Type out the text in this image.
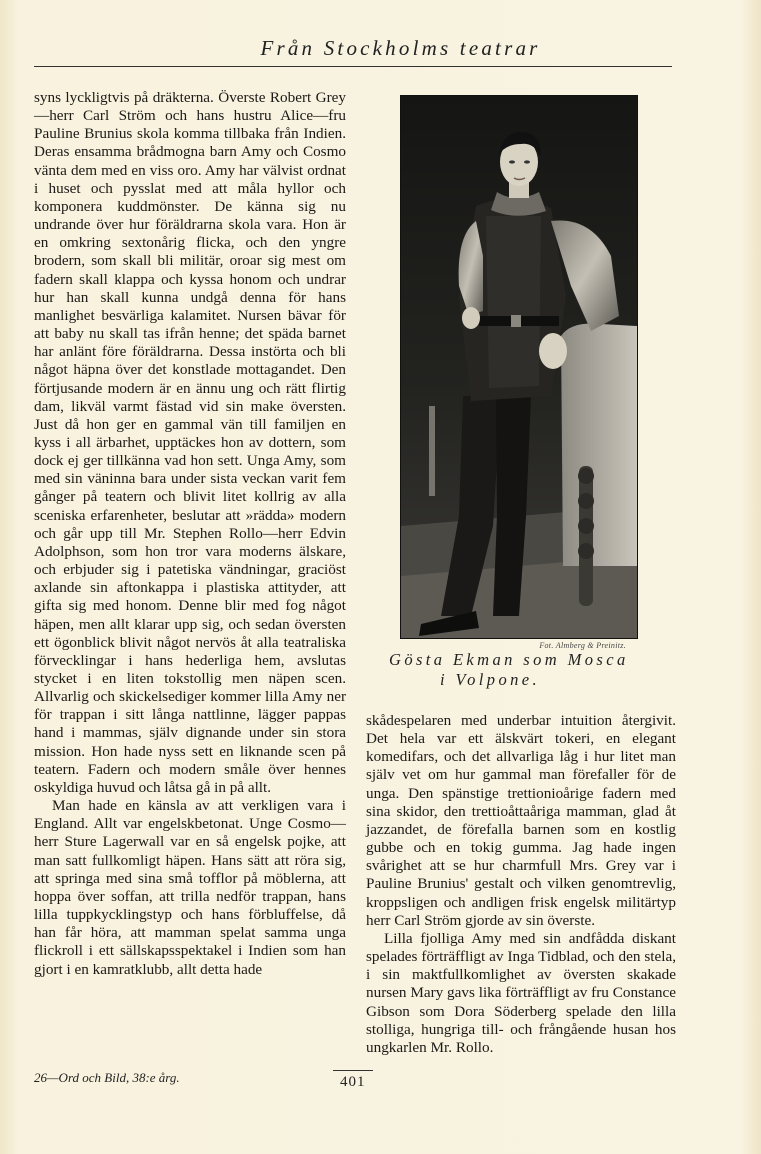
Från Stockholms teatrar

syns lyckligtvis på dräkterna. Överste Robert Grey—herr Carl Ström och hans hustru Alice—fru Pauline Brunius skola komma tillbaka från Indien. Deras ensamma brådmogna barn Amy och Cosmo vänta dem med en viss oro. Amy har välvist ordnat i huset och pysslat med att måla hyllor och komponera kuddmönster. De känna sig nu undrande över hur föräldrarna skola vara. Hon är en omkring sextonårig flicka, och den yngre brodern, som skall bli militär, oroar sig mest om fadern skall klappa och kyssa honom och undrar hur han skall kunna undgå denna för hans manlighet besvärliga kalamitet. Nursen bävar för att baby nu skall tas ifrån henne; det späda barnet har anlänt före föräldrarna. Dessa instörta och bli något häpna över det konstlade mottagandet. Den förtjusande modern är en ännu ung och rätt flirtig dam, likväl varmt fästad vid sin make översten. Just då hon ger en gammal vän till familjen en kyss i all ärbarhet, upptäckes hon av dottern, som dock ej ger tillkänna vad hon sett. Unga Amy, som med sin väninna bara under sista veckan varit fem gånger på teatern och blivit litet kollrig av alla sceniska erfarenheter, beslutar att »rädda» modern och går upp till Mr. Stephen Rollo—herr Edvin Adolphson, som hon tror vara moderns älskare, och erbjuder sig i patetiska vändningar, graciöst axlande sin aftonkappa i plastiska attityder, att gifta sig med honom. Denne blir med fog något häpen, men allt klarar upp sig, och sedan översten ett ögonblick blivit något nervös åt alla teatraliska förvecklingar i hans hederliga hem, avslutas stycket i en liten tokstollig men näpen scen. Allvarlig och skickelsediger kommer lilla Amy ner för trappan i sitt långa nattlinne, lägger pappas hand i mammas, själv dignande under sin stora mission. Hon hade nyss sett en liknande scen på teatern. Fadern och modern småle över hennes oskyldiga huvud och låtsa gå in på allt.

Man hade en känsla av att verkligen vara i England. Allt var engelskbetonat. Unge Cosmo—herr Sture Lagerwall var en så engelsk pojke, att man satt fullkomligt häpen. Hans sätt att röra sig, att springa med sina små tofflor på möblerna, att hoppa över soffan, att trilla nedför trappan, hans lilla tuppkycklingstyp och hans förbluffelse, då han får höra, att mamman spelat samma unga flickroll i ett sällskapsspektakel i Indien som han gjort i en kamratklubb, allt detta hade

Fot. Almberg & Preinitz.
Gösta Ekman som Mosca
i Volpone.

skådespelaren med underbar intuition återgivit. Det hela var ett älskvärt tokeri, en elegant komedifars, och det allvarliga låg i hur litet man själv vet om hur gammal man förefaller för de unga. Den spänstige trettionioårige fadern med sina skidor, den trettioåttaåriga mamman, glad åt jazzandet, de förefalla barnen som en kostlig gubbe och en tokig gumma. Jag hade ingen svårighet att se hur charmfull Mrs. Grey var i Pauline Brunius' gestalt och vilken genomtrevlig, kroppsligen och andligen frisk engelsk militärtyp herr Carl Ström gjorde av sin överste.

Lilla fjolliga Amy med sin andfådda diskant spelades förträffligt av Inga Tidblad, och den stela, i sin maktfullkomlighet av översten skakade nursen Mary gavs lika förträffligt av fru Constance Gibson som Dora Söderberg spelade den lilla stolliga, hungriga till- och frångående husan hos ungkarlen Mr. Rollo.

26—Ord och Bild, 38:e årg.	401
